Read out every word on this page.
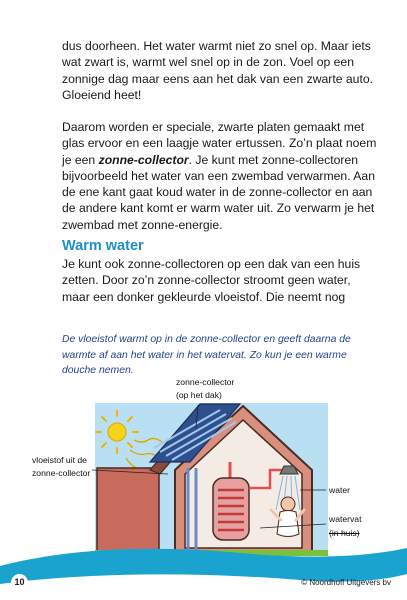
dus doorheen. Het water warmt niet zo snel op. Maar iets wat zwart is, warmt wel snel op in de zon. Voel op een zonnige dag maar eens aan het dak van een zwarte auto. Gloeiend heet!

Daarom worden er speciale, zwarte platen gemaakt met glas ervoor en een laagje water ertussen. Zo’n plaat noem je een zonne-collector. Je kunt met zonne-collectoren bijvoorbeeld het water van een zwembad verwarmen. Aan de ene kant gaat koud water in de zonne-collector en aan de andere kant komt er warm water uit. Zo verwarm je het zwembad met zonne-energie.

Warm water

Je kunt ook zonne-collectoren op een dak van een huis zetten. Door zo’n zonne-collector stroomt geen water, maar een donker gekleurde vloeistof. Die neemt nog

De vloeistof warmt op in de zonne-collector en geeft daarna de warmte af aan het water in het watervat. Zo kun je een warme douche nemen.

zonne-collector
(op het dak)
vloeistof uit de
zonne-collector
water
watervat
(in huis)
10	© Noordhoff Uitgevers bv
